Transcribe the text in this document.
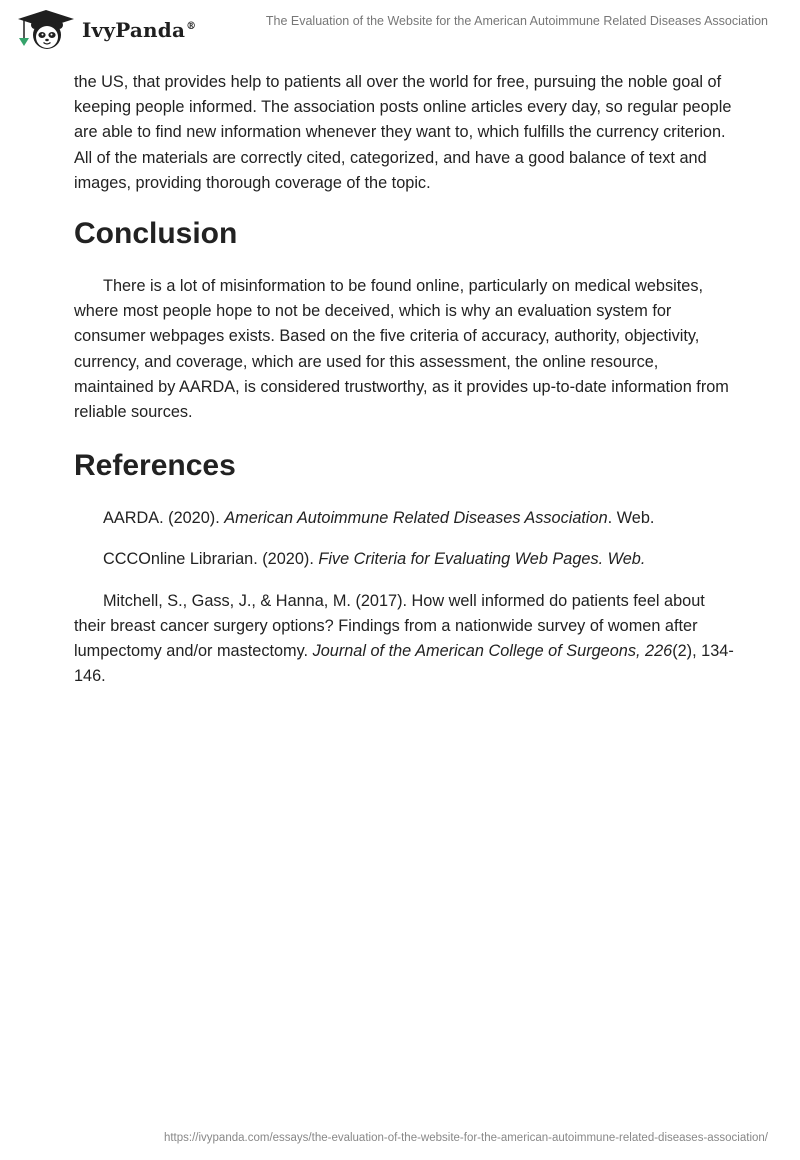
IvyPanda®	The Evaluation of the Website for the American Autoimmune Related Diseases Association

the US, that provides help to patients all over the world for free, pursuing the noble goal of keeping people informed. The association posts online articles every day, so regular people are able to find new information whenever they want to, which fulfills the currency criterion. All of the materials are correctly cited, categorized, and have a good balance of text and images, providing thorough coverage of the topic.

Conclusion

There is a lot of misinformation to be found online, particularly on medical websites, where most people hope to not be deceived, which is why an evaluation system for consumer webpages exists. Based on the five criteria of accuracy, authority, objectivity, currency, and coverage, which are used for this assessment, the online resource, maintained by AARDA, is considered trustworthy, as it provides up-to-date information from reliable sources.

References

AARDA. (2020). American Autoimmune Related Diseases Association. Web.

CCCOnline Librarian. (2020). Five Criteria for Evaluating Web Pages. Web.

Mitchell, S., Gass, J., & Hanna, M. (2017). How well informed do patients feel about their breast cancer surgery options? Findings from a nationwide survey of women after lumpectomy and/or mastectomy. Journal of the American College of Surgeons, 226(2), 134-146.

https://ivypanda.com/essays/the-evaluation-of-the-website-for-the-american-autoimmune-related-diseases-association/
